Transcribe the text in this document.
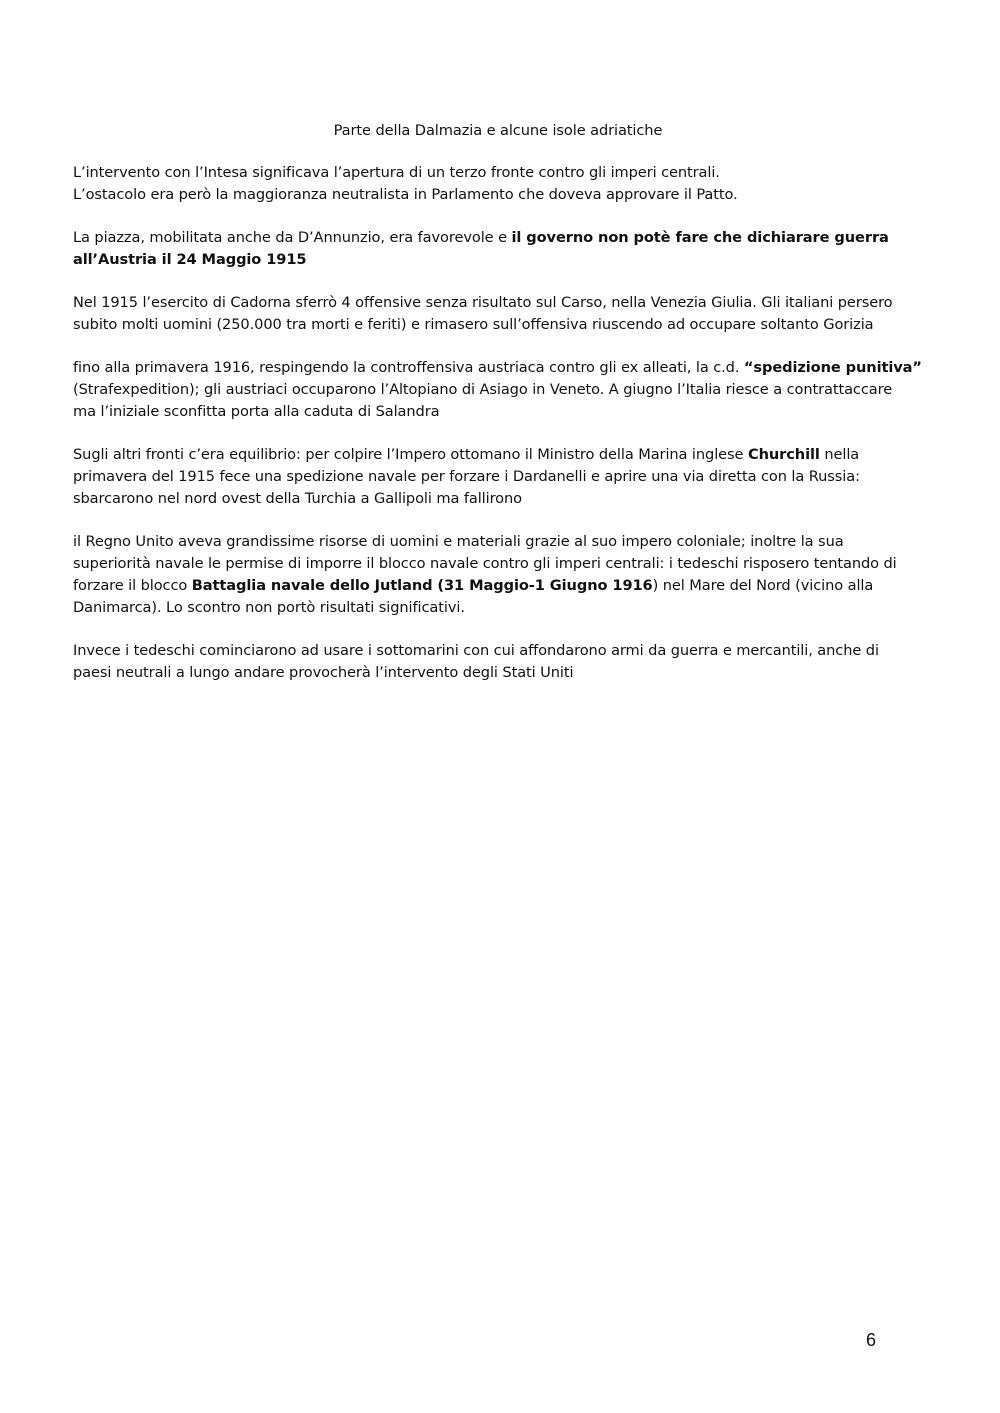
Parte della Dalmazia e alcune isole adriatiche

L’intervento con l’Intesa significava l’apertura di un terzo fronte contro gli imperi centrali.
L’ostacolo era però la maggioranza neutralista in Parlamento che doveva approvare il Patto.

La piazza, mobilitata anche da D’Annunzio, era favorevole e il governo non potè fare che dichiarare guerra
all’Austria il 24 Maggio 1915

Nel 1915 l’esercito di Cadorna sferrò 4 offensive senza risultato sul Carso, nella Venezia Giulia. Gli italiani persero
subito molti uomini (250.000 tra morti e feriti) e rimasero sull’offensiva riuscendo ad occupare soltanto Gorizia

fino alla primavera 1916, respingendo la controffensiva austriaca contro gli ex alleati, la c.d. “spedizione punitiva”
(Strafexpedition); gli austriaci occuparono l’Altopiano di Asiago in Veneto. A giugno l’Italia riesce a contrattaccare
ma l’iniziale sconfitta porta alla caduta di Salandra

Sugli altri fronti c’era equilibrio: per colpire l’Impero ottomano il Ministro della Marina inglese Churchill nella
primavera del 1915 fece una spedizione navale per forzare i Dardanelli e aprire una via diretta con la Russia:
sbarcarono nel nord ovest della Turchia a Gallipoli ma fallirono

il Regno Unito aveva grandissime risorse di uomini e materiali grazie al suo impero coloniale; inoltre la sua
superiorità navale le permise di imporre il blocco navale contro gli imperi centrali: i tedeschi risposero tentando di
forzare il blocco Battaglia navale dello Jutland (31 Maggio-1 Giugno 1916) nel Mare del Nord (vicino alla
Danimarca). Lo scontro non portò risultati significativi.

Invece i tedeschi cominciarono ad usare i sottomarini con cui affondarono armi da guerra e mercantili, anche di
paesi neutrali a lungo andare provocherà l’intervento degli Stati Uniti

6
